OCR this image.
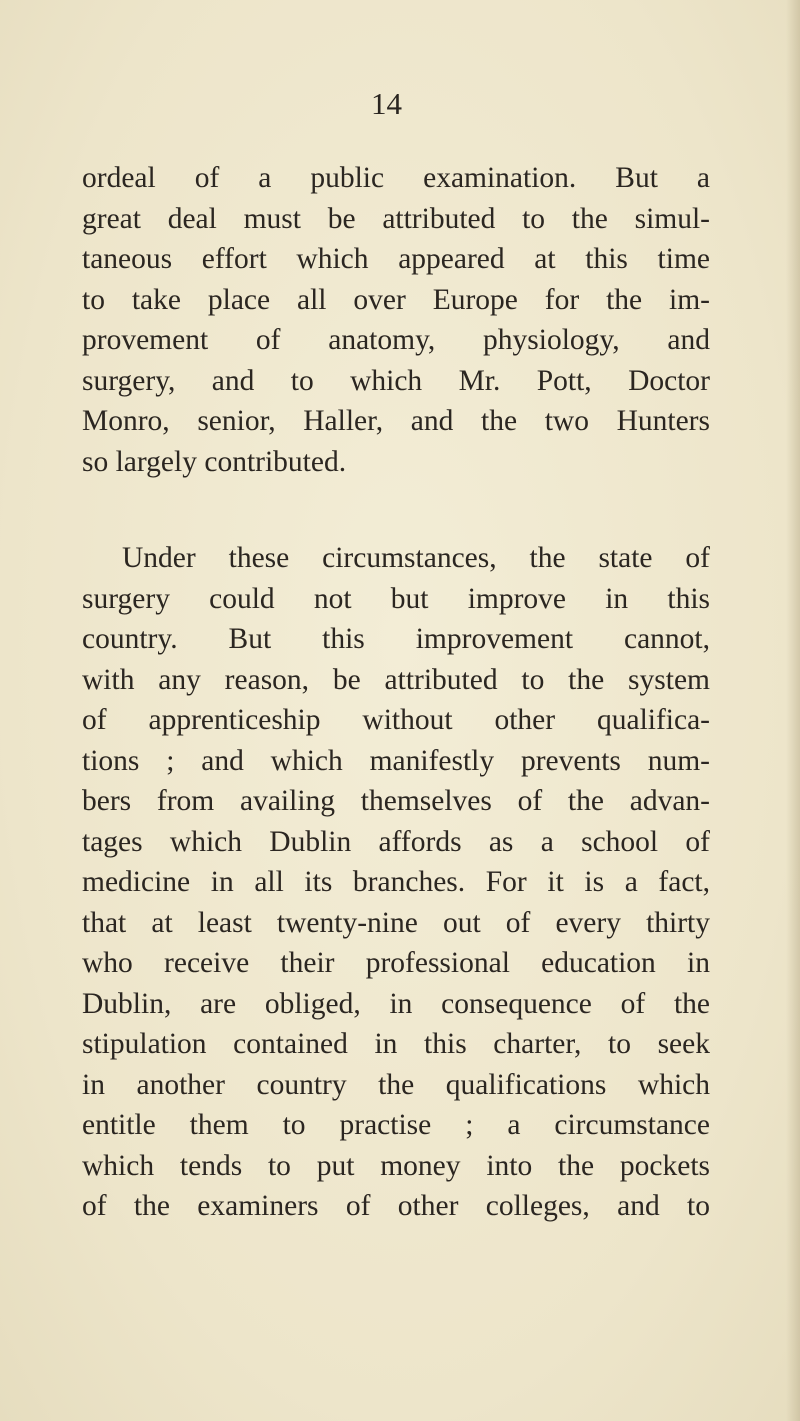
14
ordeal of a public examination. But a
great deal must be attributed to the simul-
taneous effort which appeared at this time
to take place all over Europe for the im-
provement of anatomy, physiology, and
surgery, and to which Mr. Pott, Doctor
Monro, senior, Haller, and the two Hunters
so largely contributed.
Under these circumstances, the state of
surgery could not but improve in this
country. But this improvement cannot,
with any reason, be attributed to the system
of apprenticeship without other qualifica-
tions ; and which manifestly prevents num-
bers from availing themselves of the advan-
tages which Dublin affords as a school of
medicine in all its branches. For it is a fact,
that at least twenty-nine out of every thirty
who receive their professional education in
Dublin, are obliged, in consequence of the
stipulation contained in this charter, to seek
in another country the qualifications which
entitle them to practise ; a circumstance
which tends to put money into the pockets
of the examiners of other colleges, and to
